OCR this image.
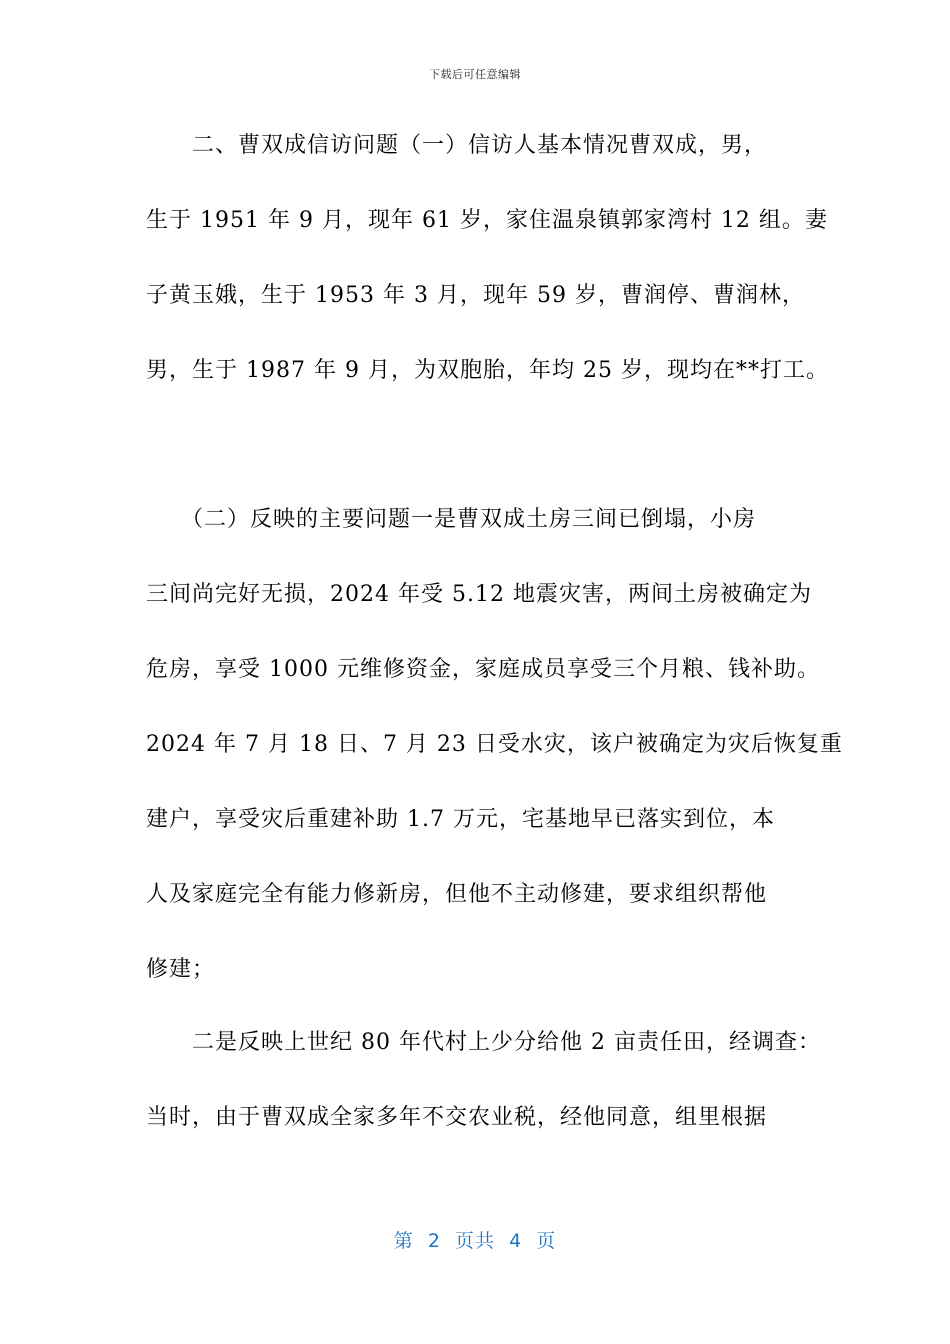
下载后可任意编辑
　　二、曹双成信访问题（一）信访人基本情况曹双成，男，
生于 1951 年 9 月，现年 61 岁，家住温泉镇郭家湾村 12 组。妻
子黄玉娥，生于 1953 年 3 月，现年 59 岁，曹润停、曹润林，
男，生于 1987 年 9 月，为双胞胎，年均 25 岁，现均在**打工。
　　（二）反映的主要问题一是曹双成土房三间已倒塌，小房
三间尚完好无损，2024 年受 5.12 地震灾害，两间土房被确定为
危房，享受 1000 元维修资金，家庭成员享受三个月粮、钱补助。
2024 年 7 月 18 日、7 月 23 日受水灾，该户被确定为灾后恢复重
建户，享受灾后重建补助 1.7 万元，宅基地早已落实到位，本
人及家庭完全有能力修新房，但他不主动修建，要求组织帮他
修建；
　　二是反映上世纪 80 年代村上少分给他 2 亩责任田，经调查：
当时，由于曹双成全家多年不交农业税，经他同意，组里根据
第  2  页共  4  页
